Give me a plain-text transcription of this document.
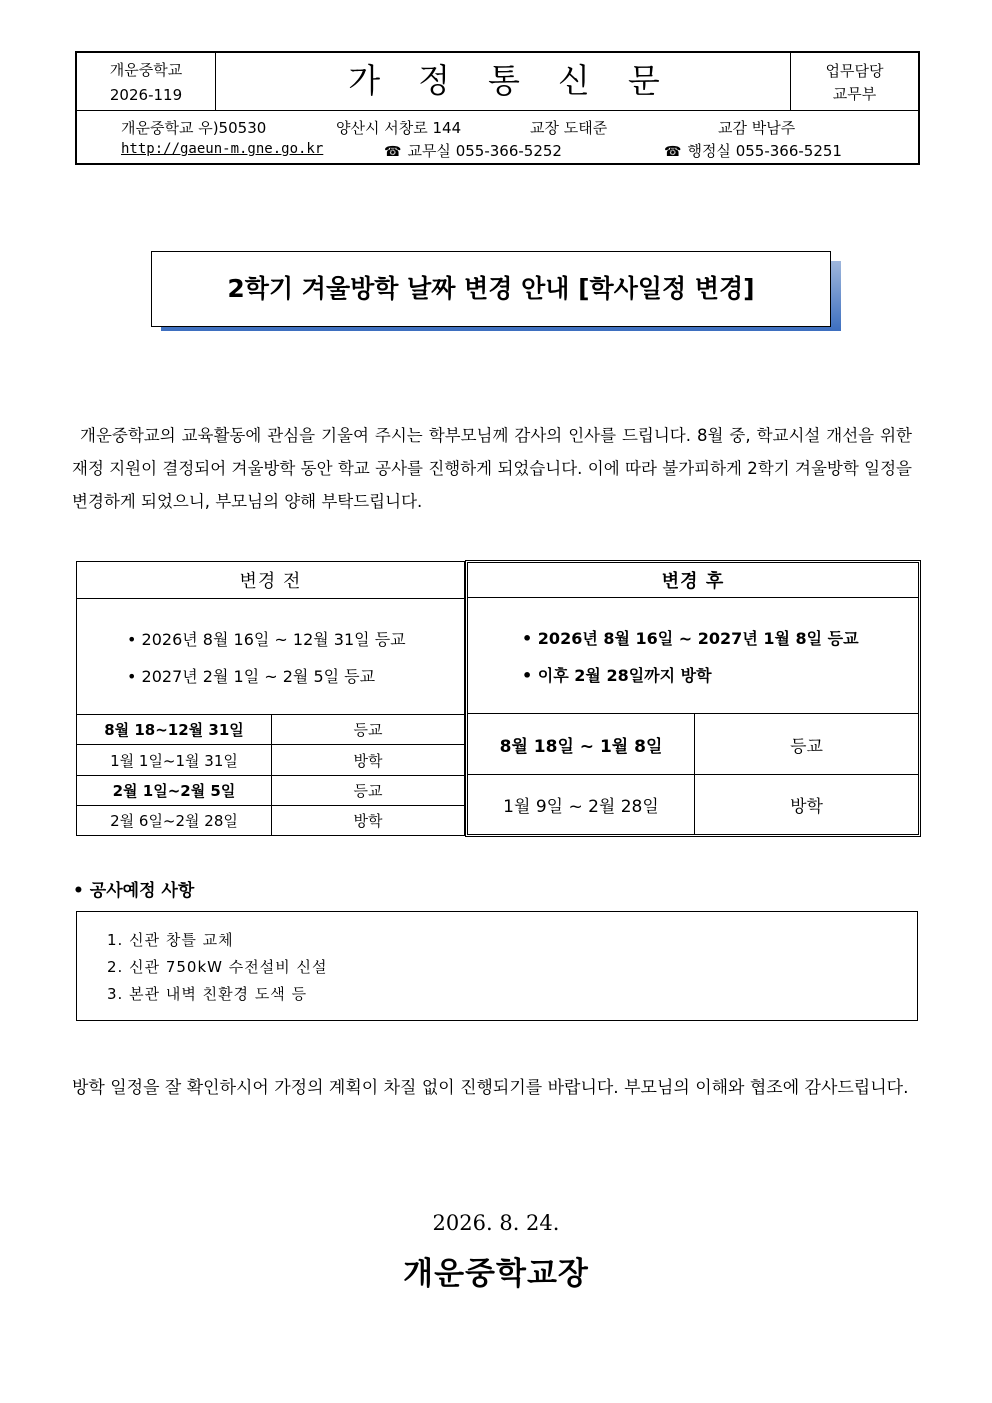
개운중학교
2026-119	가 정 통 신 문	업무담당
교무부
개운중학교 우)50530	양산시 서창로 144	교장 도태준	교감 박남주
http://gaeun-m.gne.go.kr	☎ 교무실 055-366-5252	☎ 행정실 055-366-5251
2학기 겨울방학 날짜 변경 안내 [학사일정 변경]
개운중학교의 교육활동에 관심을 기울여 주시는 학부모님께 감사의 인사를 드립니다. 8월 중, 학교시설 개선을 위한 재정 지원이 결정되어 겨울방학 동안 학교 공사를 진행하게 되었습니다. 이에 따라 불가피하게 2학기 겨울방학 일정을 변경하게 되었으니, 부모님의 양해 부탁드립니다.
변경 전
• 2026년 8월 16일 ~ 12월 31일 등교
• 2027년 2월 1일 ~ 2월 5일 등교
8월 18~12월 31일	등교
1월 1일~1월 31일	방학
2월 1일~2월 5일	등교
2월 6일~2월 28일	방학
변경 후
• 2026년 8월 16일 ~ 2027년 1월 8일 등교
• 이후 2월 28일까지 방학
8월 18일 ~ 1월 8일	등교
1월 9일 ~ 2월 28일	방학
• 공사예정 사항
1. 신관 창틀 교체
2. 신관 750kW 수전설비 신설
3. 본관 내벽 친환경 도색 등
방학 일정을 잘 확인하시어 가정의 계획이 차질 없이 진행되기를 바랍니다. 부모님의 이해와 협조에 감사드립니다.
2026. 8. 24.
개운중학교장
